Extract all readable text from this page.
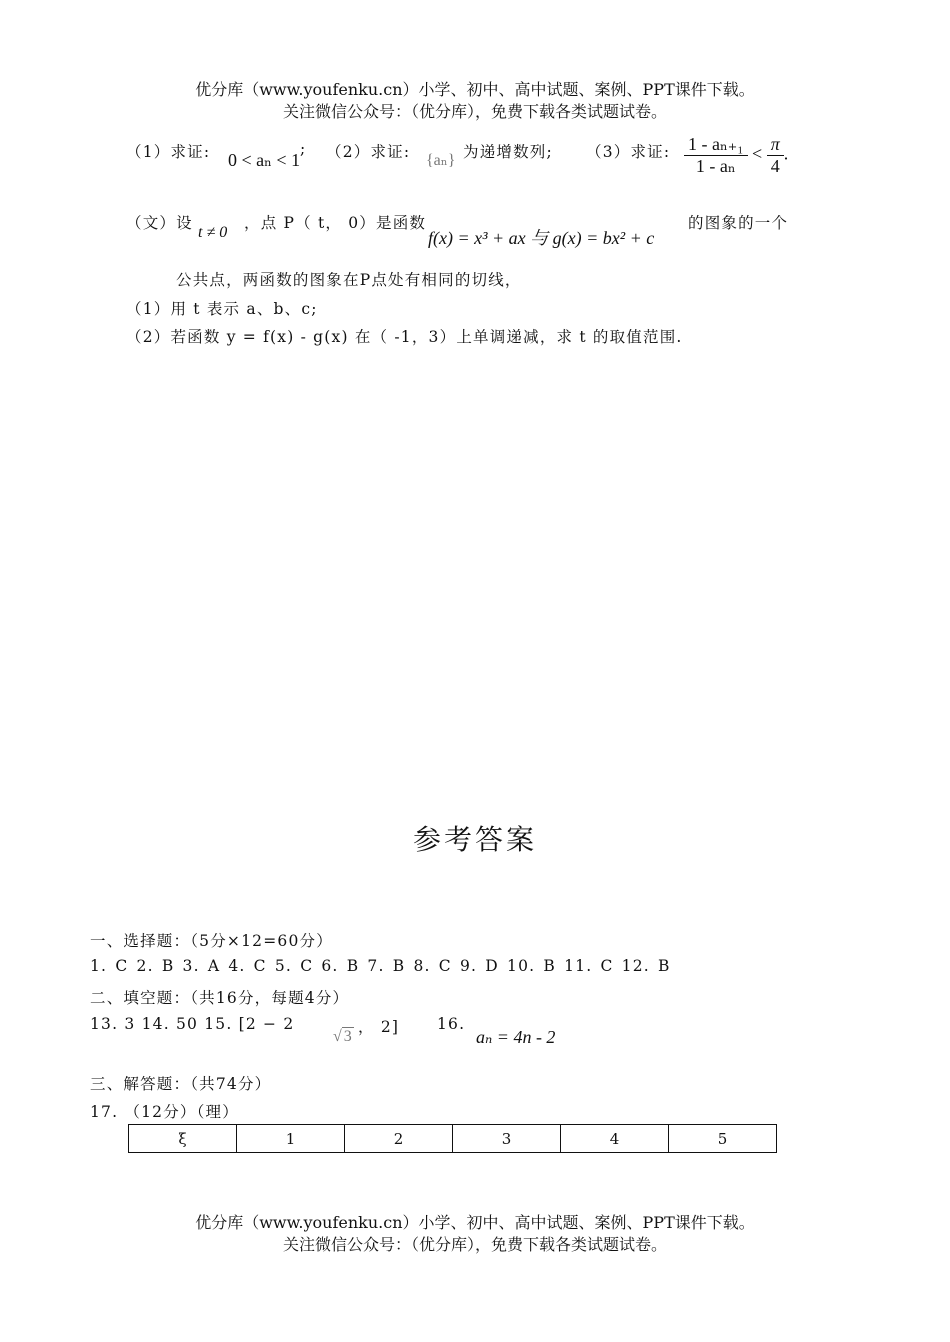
优分库（www.youfenku.cn）小学、初中、高中试题、案例、PPT课件下载。
关注微信公众号：（优分库），免费下载各类试题试卷。
（1）求证: 0 < aₙ < 1
; （2）求证: {aₙ} 为递增数列; （3）求证: $\frac{\text{1 - aₙ₊₁}}{\text{1 - aₙ}} < \frac{\pi}{4}$ .
（文）设
t ≠ 0
，点 P（ t， 0）是函数
f(x) = x³ + ax 与 g(x) = bx² + c
的图象的一个
公共点，两函数的图象在P点处有相同的切线，
（1）用 t 表示 a、b、c;
（2）若函数 y = f(x) - g(x) 在（ -1，3）上单调递减，求 t 的取值范围.
参考答案
一、选择题：（5分×12=60分）
1. C 2. B 3. A 4. C 5. C 6. B 7. B 8. C 9. D 10. B 11. C 12. B
二、填空题：（共16分，每题4分）
13. 3 14. 50 15. [2 − 2
√ 3
， 2] 16.
aₙ = 4n - 2
三、解答题：（共74分）
17. （12分）（理）
ξ	1	2	3	4	5
优分库（www.youfenku.cn）小学、初中、高中试题、案例、PPT课件下载。
关注微信公众号：（优分库），免费下载各类试题试卷。
